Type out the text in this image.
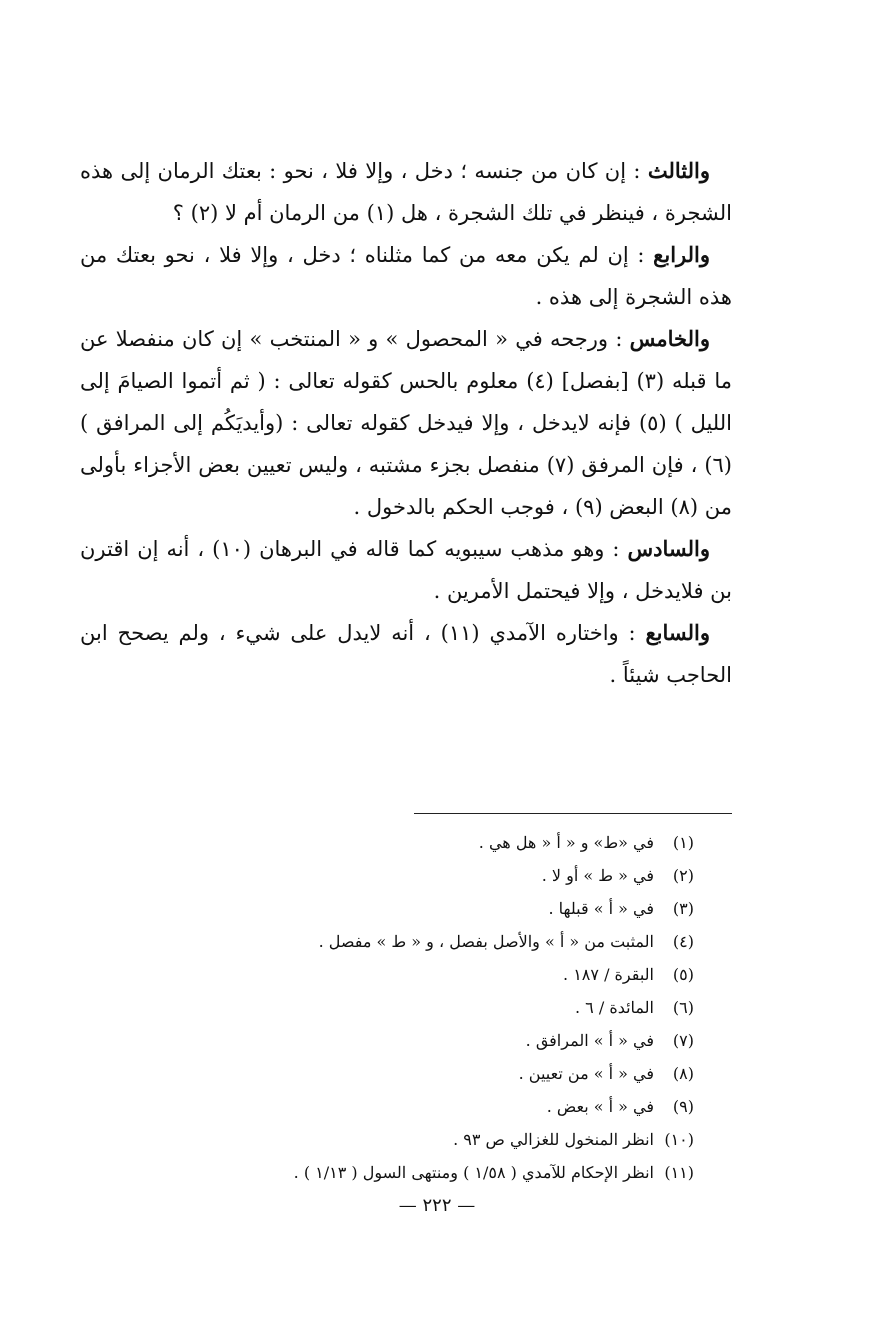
والثالث : إن كان من جنسه ؛ دخل ، وإلا فلا ، نحو : بعتك الرمان إلى هذه الشجرة ، فينظر في تلك الشجرة ، هل (١) من الرمان أم لا (٢) ؟

والرابع : إن لم يكن معه من كما مثلناه ؛ دخل ، وإلا فلا ، نحو بعتك من هذه الشجرة إلى هذه .

والخامس : ورجحه في « المحصول » و « المنتخب » إن كان منفصلا عن ما قبله (٣) [بفصل] (٤) معلوم بالحس كقوله تعالى : ( ثم أتموا الصيامَ إلى الليل ) (٥) فإنه لايدخل ، وإلا فيدخل كقوله تعالى : (وأيديَكُم إلى المرافق ) (٦) ، فإن المرفق (٧) منفصل بجزء مشتبه ، وليس تعيين بعض الأجزاء بأولى من (٨) البعض (٩) ، فوجب الحكم بالدخول .

والسادس : وهو مذهب سيبويه كما قاله في البرهان (١٠) ، أنه إن اقترن بن فلايدخل ، وإلا فيحتمل الأمرين .

والسابع : واختاره الآمدي (١١) ، أنه لايدل على شيء ، ولم يصحح ابن الحاجب شيئاً .

(١)في «ط» و « أ « هل هي .
(٢)في « ط » أو لا .
(٣)في « أ » قبلها .
(٤)المثبت من « أ » والأصل بفصل ، و « ط » مفصل .
(٥)البقرة / ١٨٧ .
(٦)المائدة / ٦ .
(٧)في « أ » المرافق .
(٨)في « أ » من تعيين .
(٩)في « أ » بعض .
(١٠)انظر المنخول للغزالي ص ٩٣ .
(١١)انظر الإحكام للآمدي ( ١/٥٨ ) ومنتهى السول ( ١/١٣ ) .
— ٢٢٢ —
